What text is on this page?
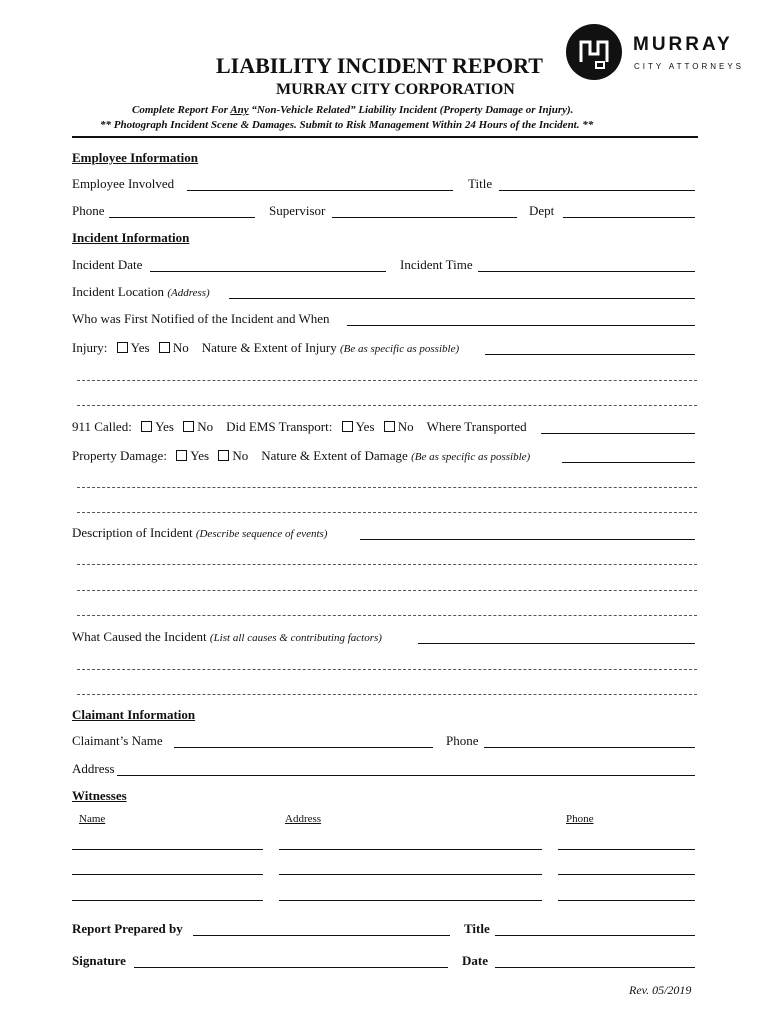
MURRAY
CITY ATTORNEYS
LIABILITY INCIDENT REPORT
MURRAY CITY CORPORATION
Complete Report For Any “Non-Vehicle Related” Liability Incident (Property Damage or Injury).
** Photograph Incident Scene & Damages. Submit to Risk Management Within 24 Hours of the Incident. **
Employee Information
Employee Involved	Title
Phone	Supervisor	Dept
Incident Information
Incident Date	Incident Time
Incident Location (Address)
Who was First Notified of the Incident and When
Injury: Yes No Nature & Extent of Injury (Be as specific as possible)
911 Called: Yes No Did EMS Transport: Yes No Where Transported
Property Damage: Yes No Nature & Extent of Damage (Be as specific as possible)
Description of Incident (Describe sequence of events)
What Caused the Incident (List all causes & contributing factors)
Claimant Information
Claimant’s Name	Phone
Address
Witnesses
Name	Address	Phone
Report Prepared by	Title
Signature	Date
Rev. 05/2019
